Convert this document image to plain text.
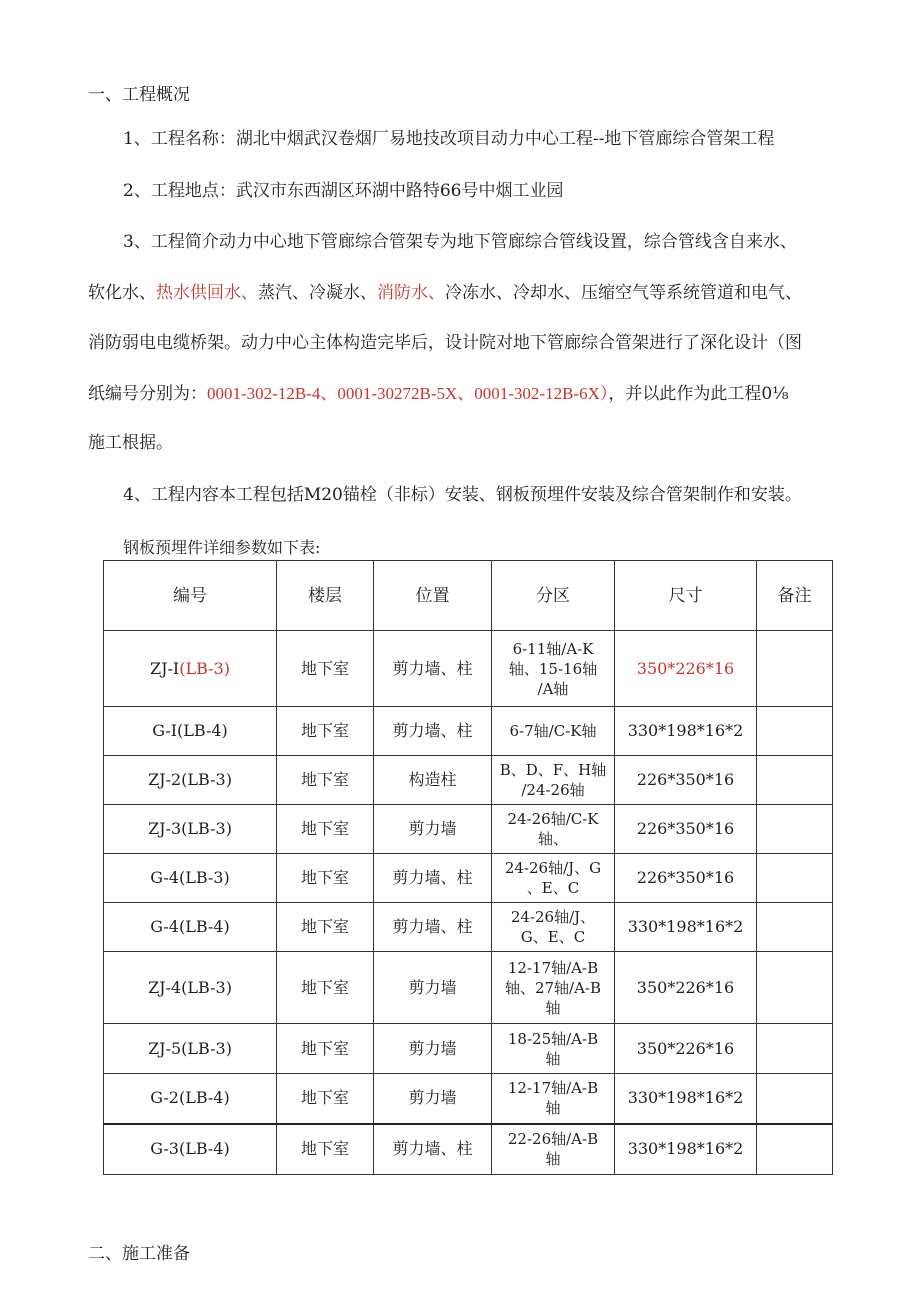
一、工程概况
1、工程名称：湖北中烟武汉卷烟厂易地技改项目动力中心工程--地下管廊综合管架工程
2、工程地点：武汉市东西湖区环湖中路特66号中烟工业园
3、工程简介动力中心地下管廊综合管架专为地下管廊综合管线设置，综合管线含自来水、
软化水、热水供回水、蒸汽、冷凝水、消防水、冷冻水、冷却水、压缩空气等系统管道和电气、
消防弱电电缆桥架。动力中心主体构造完毕后，设计院对地下管廊综合管架进行了深化设计（图
纸编号分别为：0001-302-12B-4、0001-30272B-5X、0001-302-12B-6X），并以此作为此工程0⅛
施工根据。
4、工程内容本工程包括M20锚栓（非标）安装、钢板预埋件安装及综合管架制作和安装。
钢板预埋件详细参数如下表:
编号	楼层	位置	分区	尺寸	备注
ZJ-I(LB-3)	地下室	剪力墙、柱	6-11轴/A-K
轴、15-16轴
/A轴	350*226*16	
G-I(LB-4)	地下室	剪力墙、柱	6-7轴/C-K轴	330*198*16*2	
ZJ-2(LB-3)	地下室	构造柱	B、D、F、H轴
/24-26轴	226*350*16	
ZJ-3(LB-3)	地下室	剪力墙	24-26轴/C-K
轴、	226*350*16	
G-4(LB-3)	地下室	剪力墙、柱	24-26轴/J、G
、E、C	226*350*16	
G-4(LB-4)	地下室	剪力墙、柱	24-26轴/J、
G、E、C	330*198*16*2	
ZJ-4(LB-3)	地下室	剪力墙	12-17轴/A-B
轴、27轴/A-B
轴	350*226*16	
ZJ-5(LB-3)	地下室	剪力墙	18-25轴/A-B
轴	350*226*16	
G-2(LB-4)	地下室	剪力墙	12-17轴/A-B
轴	330*198*16*2	
G-3(LB-4)	地下室	剪力墙、柱	22-26轴/A-B
轴	330*198*16*2	
二、施工准备
